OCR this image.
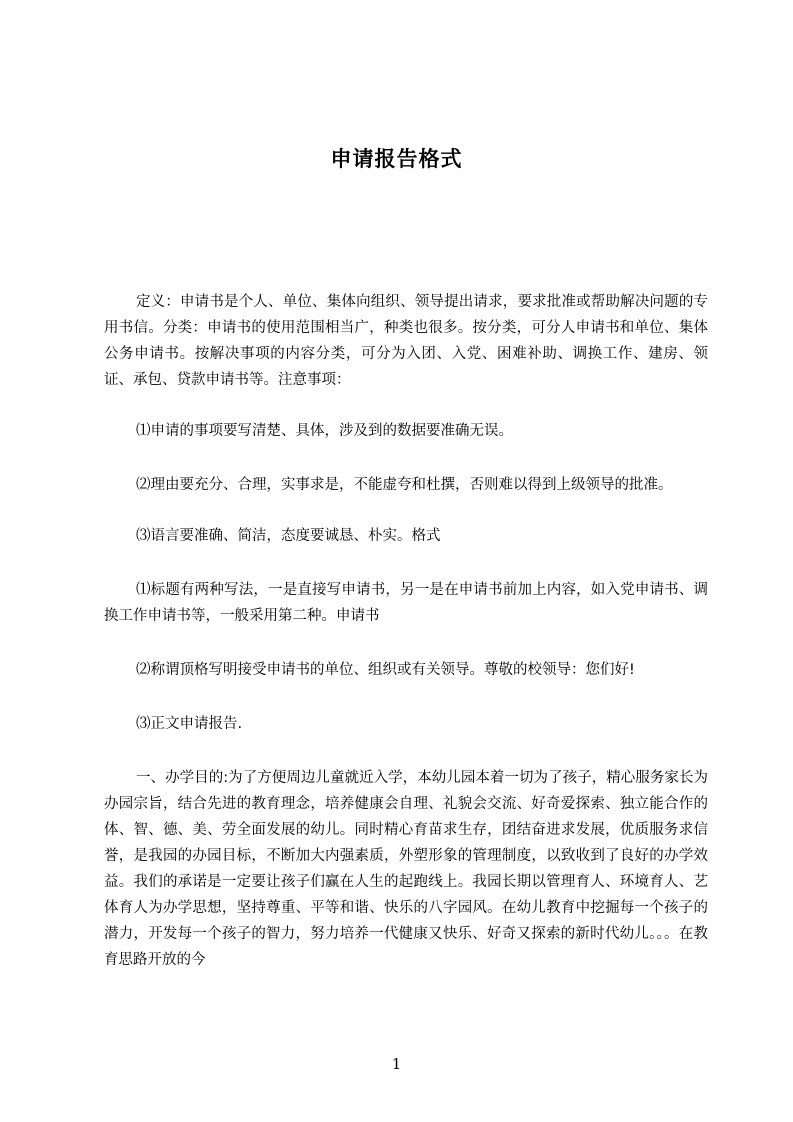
申请报告格式

定义：申请书是个人、单位、集体向组织、领导提出请求，要求批准或帮助解决问题的专用书信。分类：申请书的使用范围相当广，种类也很多。按分类，可分人申请书和单位、集体公务申请书。按解决事项的内容分类，可分为入团、入党、困难补助、调换工作、建房、领证、承包、贷款申请书等。注意事项：

⑴申请的事项要写清楚、具体，涉及到的数据要准确无误。

⑵理由要充分、合理，实事求是，不能虚夸和杜撰，否则难以得到上级领导的批准。

⑶语言要准确、简洁，态度要诚恳、朴实。格式

⑴标题有两种写法，一是直接写申请书，另一是在申请书前加上内容，如入党申请书、调换工作申请书等，一般采用第二种。申请书

⑵称谓顶格写明接受申请书的单位、组织或有关领导。尊敬的校领导：您们好!

⑶正文申请报告.

一、办学目的:为了方便周边儿童就近入学，本幼儿园本着一切为了孩子，精心服务家长为办园宗旨，结合先进的教育理念，培养健康会自理、礼貌会交流、好奇爱探索、独立能合作的体、智、德、美、劳全面发展的幼儿。同时精心育苗求生存，团结奋进求发展，优质服务求信誉，是我园的办园目标，不断加大内强素质，外塑形象的管理制度，以致收到了良好的办学效益。我们的承诺是一定要让孩子们赢在人生的起跑线上。我园长期以管理育人、环境育人、艺体育人为办学思想，坚持尊重、平等和谐、快乐的八字园风。在幼儿教育中挖掘每一个孩子的潜力，开发每一个孩子的智力，努力培养一代健康又快乐、好奇又探索的新时代幼儿。。。在教育思路开放的今

1
